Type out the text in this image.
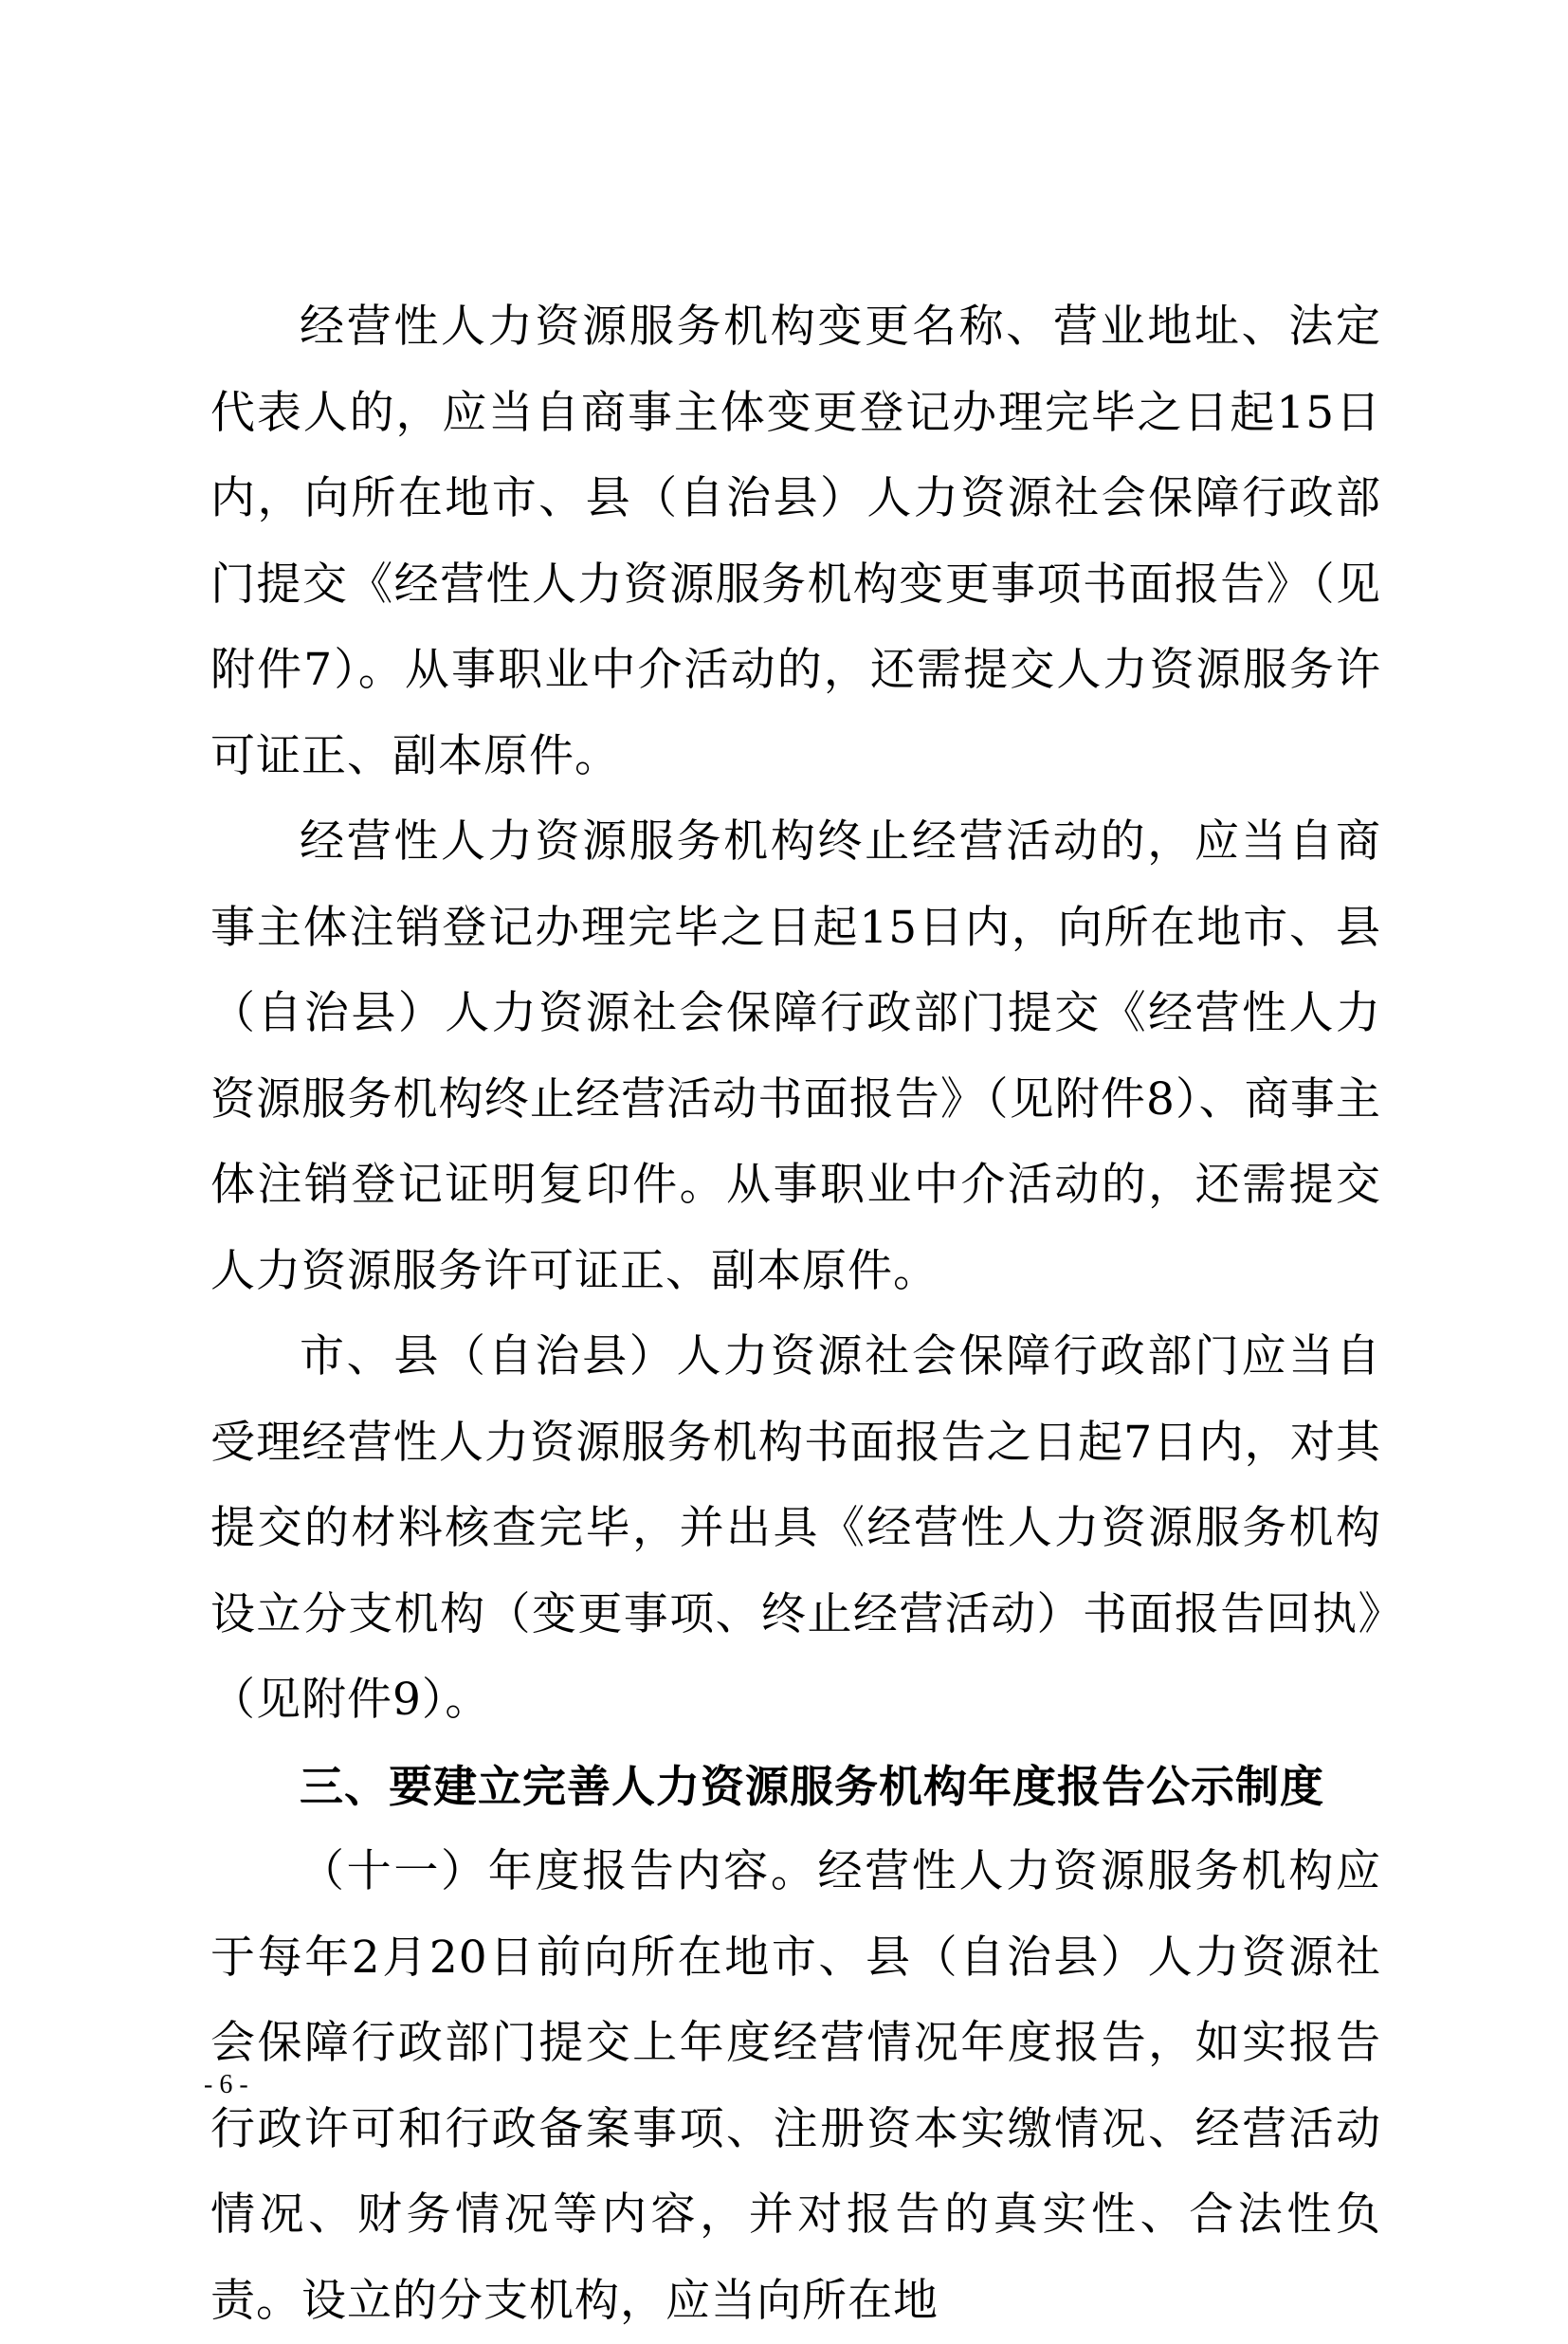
经营性人力资源服务机构变更名称、营业地址、法定代表人的，应当自商事主体变更登记办理完毕之日起15日内，向所在地市、县（自治县）人力资源社会保障行政部门提交《经营性人力资源服务机构变更事项书面报告》（见附件7）。从事职业中介活动的，还需提交人力资源服务许可证正、副本原件。

经营性人力资源服务机构终止经营活动的，应当自商事主体注销登记办理完毕之日起15日内，向所在地市、县（自治县）人力资源社会保障行政部门提交《经营性人力资源服务机构终止经营活动书面报告》（见附件8）、商事主体注销登记证明复印件。从事职业中介活动的，还需提交人力资源服务许可证正、副本原件。

市、县（自治县）人力资源社会保障行政部门应当自受理经营性人力资源服务机构书面报告之日起7日内，对其提交的材料核查完毕，并出具《经营性人力资源服务机构设立分支机构（变更事项、终止经营活动）书面报告回执》（见附件9）。

三、要建立完善人力资源服务机构年度报告公示制度

（十一）年度报告内容。经营性人力资源服务机构应于每年2月20日前向所在地市、县（自治县）人力资源社会保障行政部门提交上年度经营情况年度报告，如实报告行政许可和行政备案事项、注册资本实缴情况、经营活动情况、财务情况等内容，并对报告的真实性、合法性负责。设立的分支机构，应当向所在地

- 6 -
